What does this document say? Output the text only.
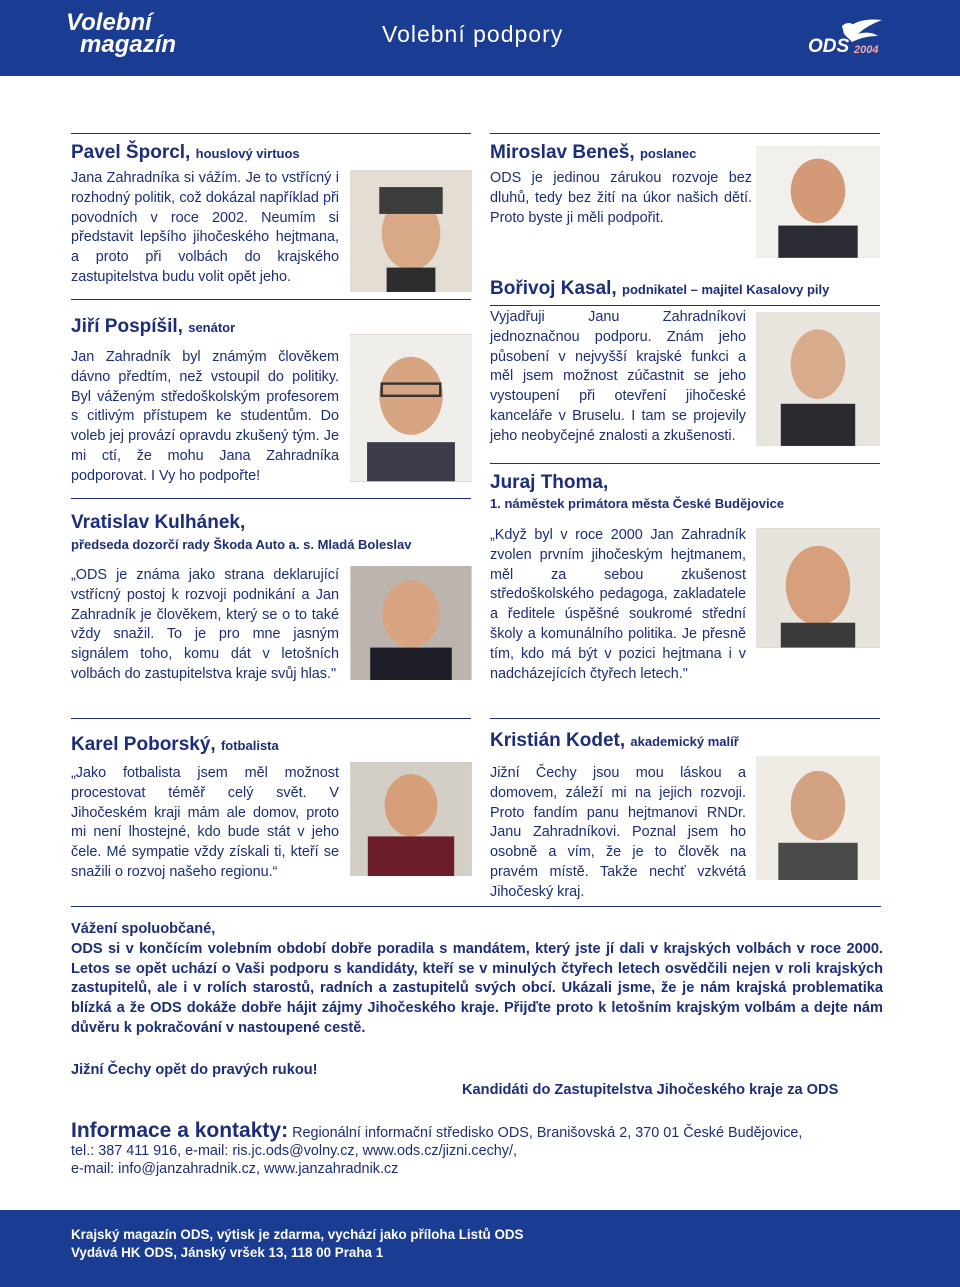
Volební
magazín	Volební podpory	ODS 2004
Pavel Šporcl, houslový virtuos
Jana Zahradníka si vážím. Je to vstřícný i rozhodný politik, což dokázal například při povodních v roce 2002. Neumím si představit lepšího jihočeského hejtmana, a proto při volbách do krajského zastupitelstva budu volit opět jeho.
Jiří Pospíšil, senátor
Jan Zahradník byl známým člověkem dávno předtím, než vstoupil do politiky. Byl váženým středoškolským profesorem s citlivým přístupem ke studentům. Do voleb jej provází opravdu zkušený tým. Je mi ctí, že mohu Jana Zahradníka podporovat. I Vy ho podpořte!
Vratislav Kulhánek,
předseda dozorčí rady Škoda Auto a. s. Mladá Boleslav
„ODS je známa jako strana deklarující vstřícný postoj k rozvoji podnikání a Jan Zahradník je člověkem, který se o to také vždy snažil. To je pro mne jasným signálem toho, komu dát v letošních volbách do zastupitelstva kraje svůj hlas."
Karel Poborský, fotbalista
„Jako fotbalista jsem měl možnost procestovat téměř celý svět. V Jihočeském kraji mám ale domov, proto mi není lhostejné, kdo bude stát v jeho čele. Mé sympatie vždy získali ti, kteří se snažili o rozvoj našeho regionu.“
Miroslav Beneš, poslanec
ODS je jedinou zárukou rozvoje bez dluhů, tedy bez žití na úkor našich dětí. Proto byste ji měli podpořit.
Bořivoj Kasal, podnikatel – majitel Kasalovy pily
Vyjadřuji Janu Zahradníkovi jednoznačnou podporu. Znám jeho působení v nejvyšší krajské funkci a měl jsem možnost zúčastnit se jeho vystoupení při otevření jihočeské kanceláře v Bruselu. I tam se projevily jeho neobyčejné znalosti a zkušenosti.
Juraj Thoma,
1. náměstek primátora města České Budějovice
„Když byl v roce 2000 Jan Zahradník zvolen prvním jihočeským hejtmanem, měl za sebou zkušenost středoškolského pedagoga, zakladatele a ředitele úspěšné soukromé střední školy a komunálního politika. Je přesně tím, kdo má být v pozici hejtmana i v nadcházejících čtyřech letech."
Kristián Kodet, akademický malíř
Jižní Čechy jsou mou láskou a domovem, záleží mi na jejich rozvoji. Proto fandím panu hejtmanovi RNDr. Janu Zahradníkovi. Poznal jsem ho osobně a vím, že je to člověk na pravém místě. Takže nechť vzkvétá Jihočeský kraj.

Vážení spoluobčané,

ODS si v končícím volebním období dobře poradila s mandátem, který jste jí dali v krajských volbách v roce 2000. Letos se opět uchází o Vaši podporu s kandidáty, kteří se v minulých čtyřech letech osvědčili nejen v roli krajských zastupitelů, ale i v rolích starostů, radních a zastupitelů svých obcí. Ukázali jsme, že je nám krajská problematika blízká a že ODS dokáže dobře hájit zájmy Jihočeského kraje. Přijďte proto k letošním krajským volbám a dejte nám důvěru k pokračování v nastoupené cestě.

Jižní Čechy opět do pravých rukou!
Kandidáti do Zastupitelstva Jihočeského kraje za ODS
Informace a kontakty: Regionální informační středisko ODS, Branišovská 2, 370 01 České Budějovice,
tel.: 387 411 916, e-mail: ris.jc.ods@volny.cz, www.ods.cz/jizni.cechy/,
e-mail: info@janzahradnik.cz, www.janzahradnik.cz
Krajský magazín ODS, výtisk je zdarma, vychází jako příloha Listů ODS
Vydává HK ODS, Jánský vršek 13, 118 00 Praha 1
